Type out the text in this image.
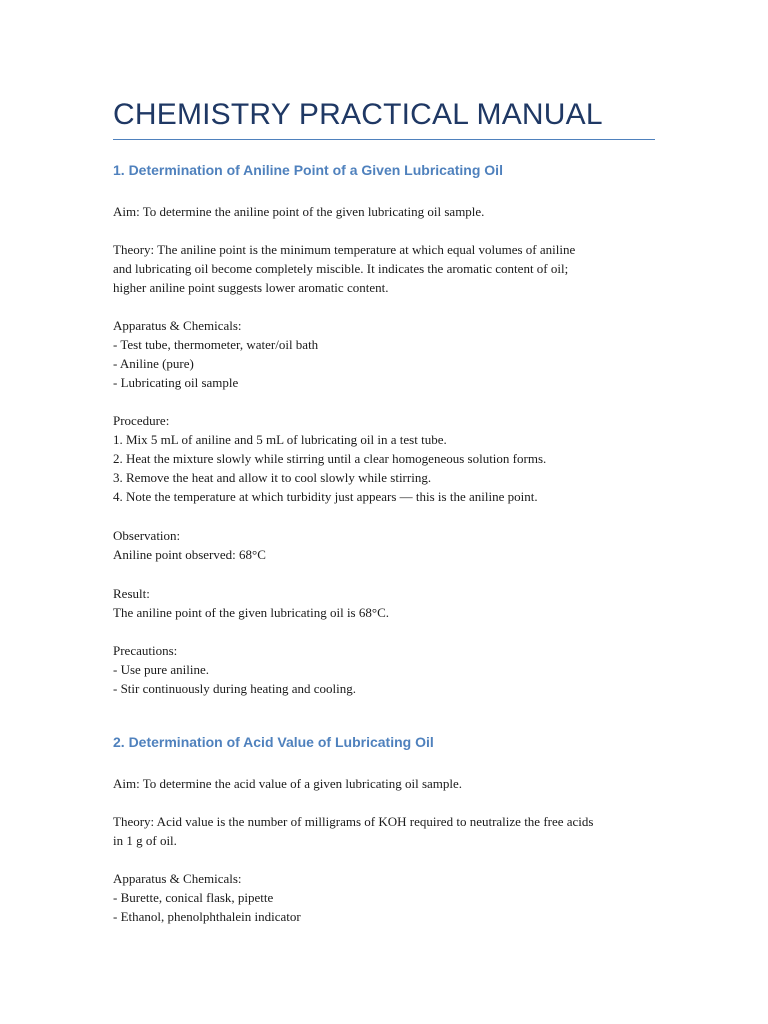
CHEMISTRY PRACTICAL MANUAL
1. Determination of Aniline Point of a Given Lubricating Oil

Aim: To determine the aniline point of the given lubricating oil sample.

Theory: The aniline point is the minimum temperature at which equal volumes of aniline
and lubricating oil become completely miscible. It indicates the aromatic content of oil;
higher aniline point suggests lower aromatic content.

Apparatus & Chemicals:
- Test tube, thermometer, water/oil bath
- Aniline (pure)
- Lubricating oil sample

Procedure:
1. Mix 5 mL of aniline and 5 mL of lubricating oil in a test tube.
2. Heat the mixture slowly while stirring until a clear homogeneous solution forms.
3. Remove the heat and allow it to cool slowly while stirring.
4. Note the temperature at which turbidity just appears — this is the aniline point.

Observation:
Aniline point observed: 68°C

Result:
The aniline point of the given lubricating oil is 68°C.

Precautions:
- Use pure aniline.
- Stir continuously during heating and cooling.

2. Determination of Acid Value of Lubricating Oil

Aim: To determine the acid value of a given lubricating oil sample.

Theory: Acid value is the number of milligrams of KOH required to neutralize the free acids
in 1 g of oil.

Apparatus & Chemicals:
- Burette, conical flask, pipette
- Ethanol, phenolphthalein indicator
